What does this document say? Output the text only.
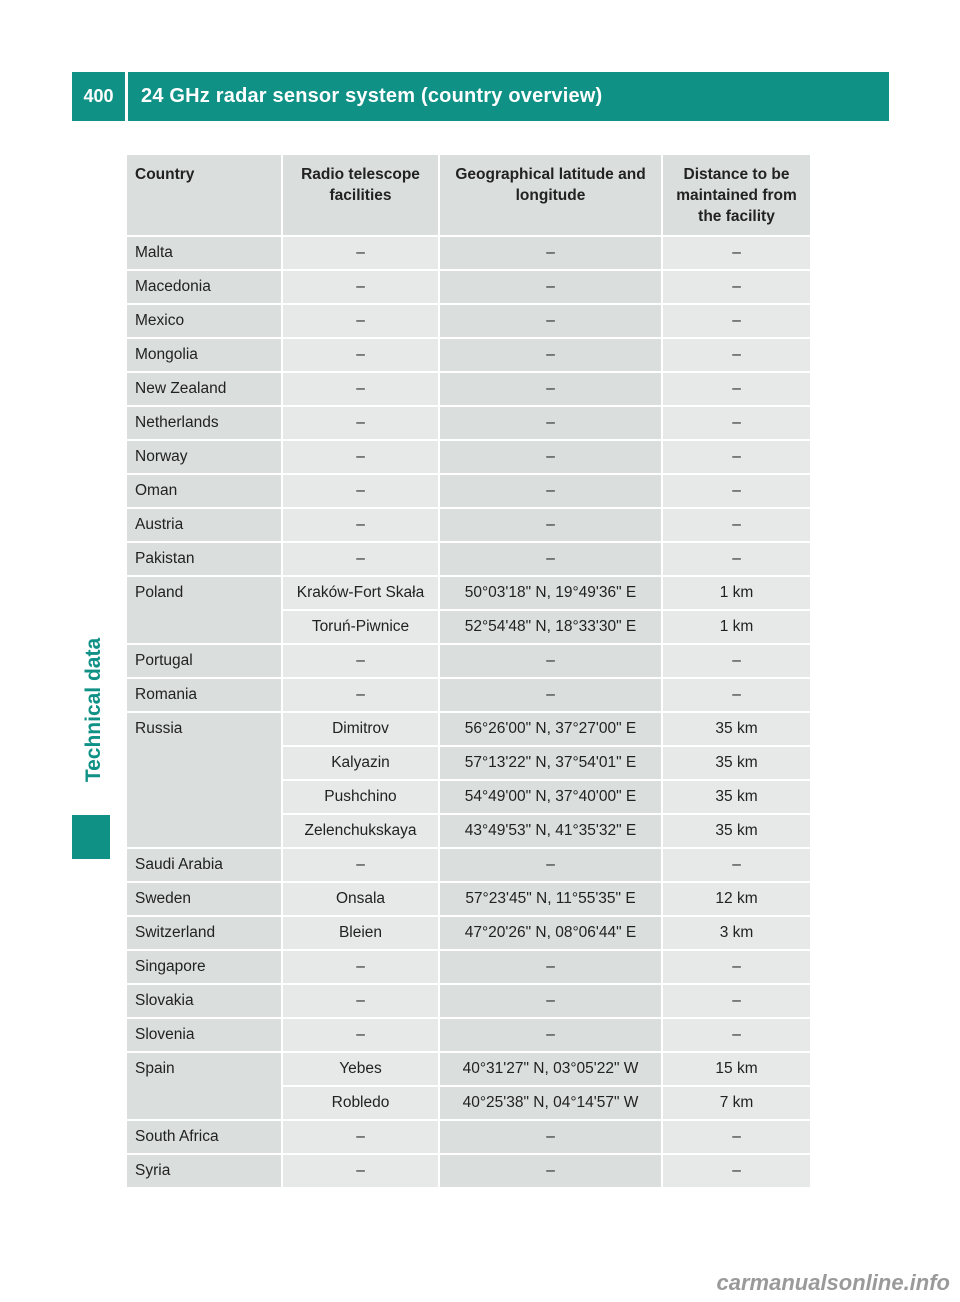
400	24 GHz radar sensor system (country overview)
Technical data
Country	Radio telescope facilities	Geographical latitude and longitude	Distance to be maintained from the facility
Malta	–	–	–
Macedonia	–	–	–
Mexico	–	–	–
Mongolia	–	–	–
New Zealand	–	–	–
Netherlands	–	–	–
Norway	–	–	–
Oman	–	–	–
Austria	–	–	–
Pakistan	–	–	–
Poland	Kraków-Fort Skała	50°03'18" N, 19°49'36" E	1 km
	Toruń-Piwnice	52°54'48" N, 18°33'30" E	1 km
Portugal	–	–	–
Romania	–	–	–
Russia	Dimitrov	56°26'00" N, 37°27'00" E	35 km
	Kalyazin	57°13'22" N, 37°54'01" E	35 km
	Pushchino	54°49'00" N, 37°40'00" E	35 km
	Zelenchukskaya	43°49'53" N, 41°35'32" E	35 km
Saudi Arabia	–	–	–
Sweden	Onsala	57°23'45" N, 11°55'35" E	12 km
Switzerland	Bleien	47°20'26" N, 08°06'44" E	3 km
Singapore	–	–	–
Slovakia	–	–	–
Slovenia	–	–	–
Spain	Yebes	40°31'27" N, 03°05'22" W	15 km
	Robledo	40°25'38" N, 04°14'57" W	7 km
South Africa	–	–	–
Syria	–	–	–
carmanualsonline.info
